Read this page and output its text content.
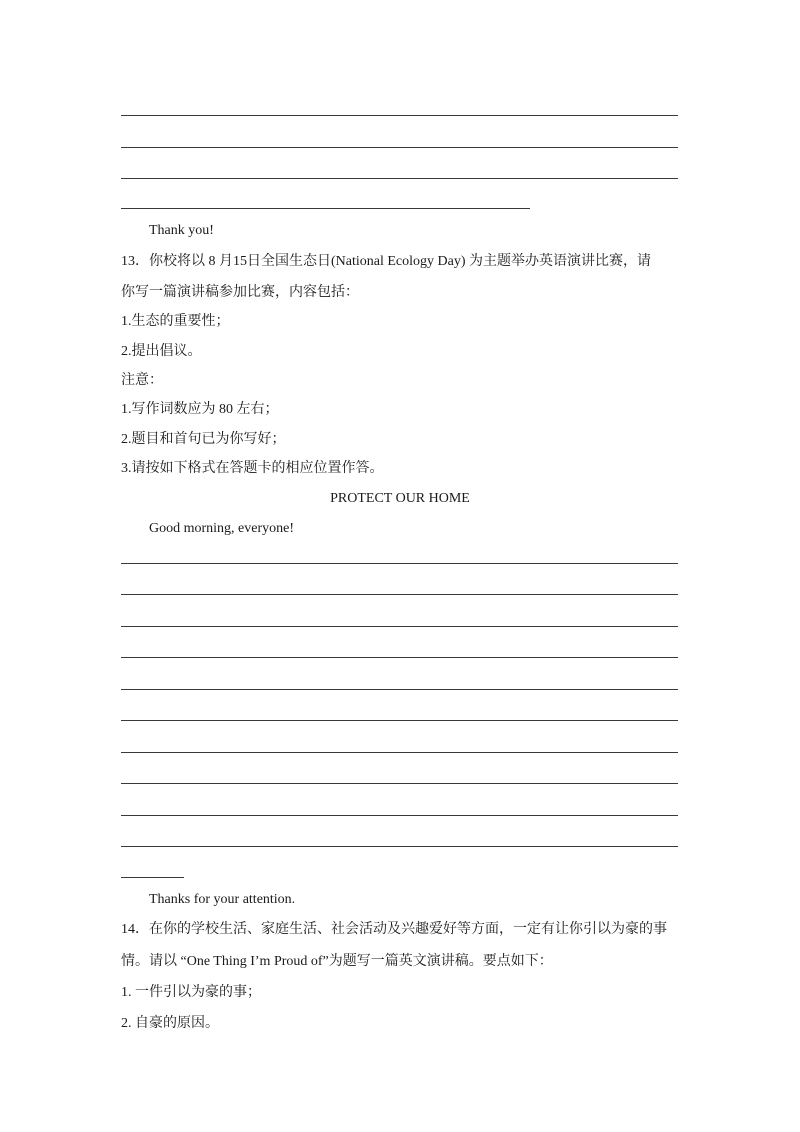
Thank you!
13．你校将以 8 月15日全国生态日(National Ecology Day) 为主题举办英语演讲比赛，请
你写一篇演讲稿参加比赛，内容包括：
1.生态的重要性；
2.提出倡议。
注意：
1.写作词数应为 80 左右；
2.题目和首句已为你写好；
3.请按如下格式在答题卡的相应位置作答。
PROTECT OUR HOME
Good morning, everyone!
Thanks for your attention.
14．在你的学校生活、家庭生活、社会活动及兴趣爱好等方面，一定有让你引以为豪的事
情。请以 “One Thing I’m Proud of”为题写一篇英文演讲稿。要点如下：
1. 一件引以为豪的事；
2. 自豪的原因。
